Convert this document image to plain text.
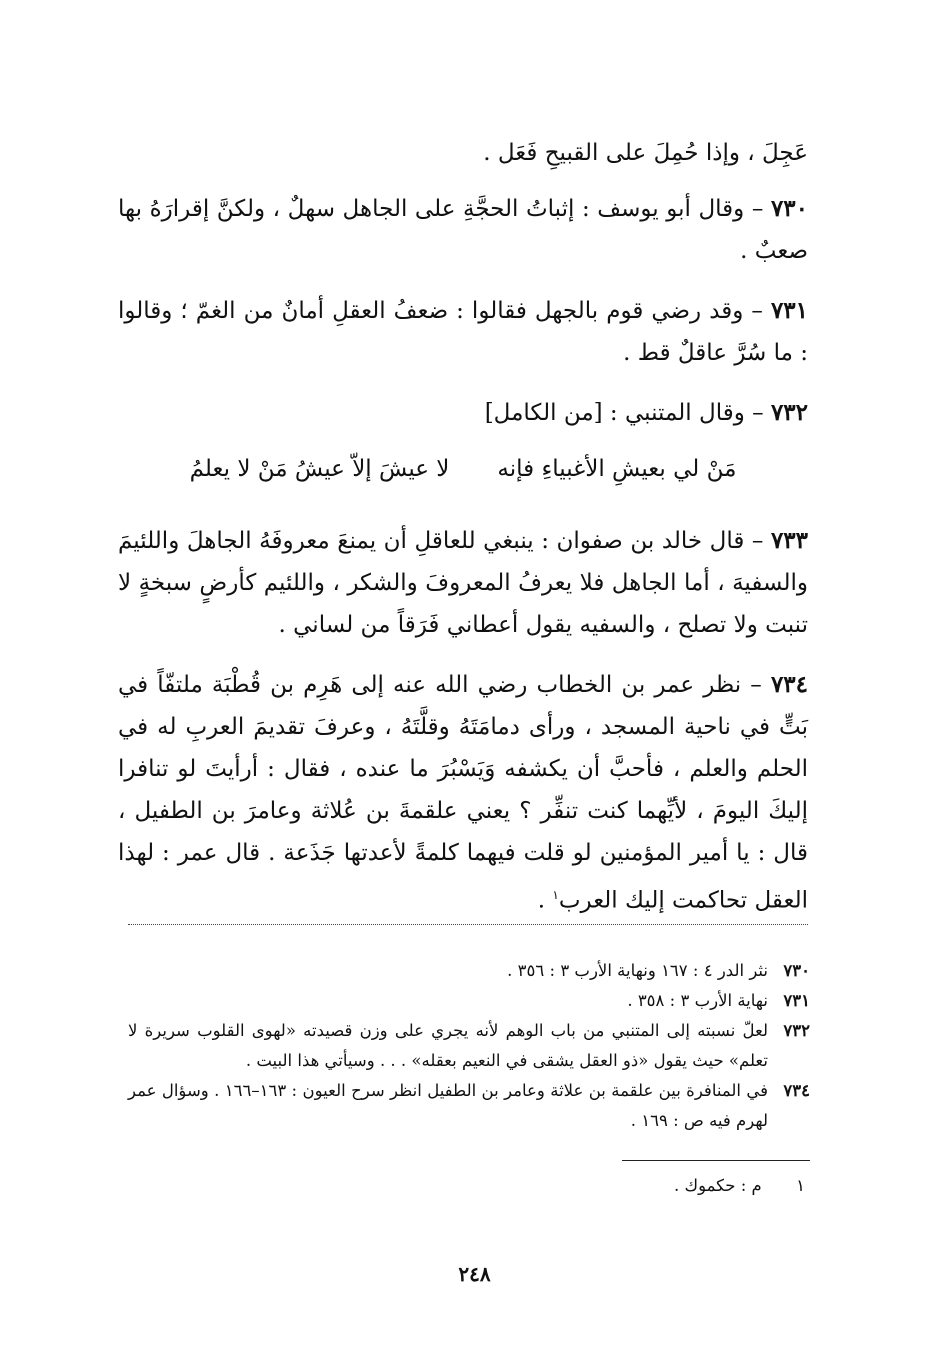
عَجِلَ ، وإذا حُمِلَ على القبيحِ فَعَل .

٧٣٠ – وقال أبو يوسف : إثباتُ الحجَّةِ على الجاهل سهلٌ ، ولكنَّ إقرارَهُ بها صعبٌ .

٧٣١ – وقد رضي قوم بالجهل فقالوا : ضعفُ العقلِ أمانٌ من الغمّ ؛ وقالوا : ما سُرَّ عاقلٌ قط .

٧٣٢ – وقال المتنبي : [من الكامل]

مَنْ لي بعيشِ الأغبياءِ فإنه
لا عيشَ إلاّ عيشُ مَنْ لا يعلمُ

٧٣٣ – قال خالد بن صفوان : ينبغي للعاقلِ أن يمنعَ معروفَهُ الجاهلَ واللئيمَ والسفيهَ ، أما الجاهل فلا يعرفُ المعروفَ والشكر ، واللئيم كأرضٍ سبخةٍ لا تنبت ولا تصلح ، والسفيه يقول أعطاني فَرَقاً من لساني .

٧٣٤ – نظر عمر بن الخطاب رضي الله عنه إلى هَرِم بن قُطْبَة ملتفّاً في بَتٍّ في ناحية المسجد ، ورأى دمامَتَهُ وقلَّتَهُ ، وعرفَ تقديمَ العربِ له في الحلم والعلم ، فأحبَّ أن يكشفه وَيَسْبُرَ ما عنده ، فقال : أرأيتَ لو تنافرا إليكَ اليومَ ، لأيِّهما كنت تنفِّر ؟ يعني علقمةَ بن عُلاثة وعامرَ بن الطفيل ، قال : يا أمير المؤمنين لو قلت فيهما كلمةً لأعدتها جَذَعة . قال عمر : لهذا العقل تحاكمت إليك العرب$^١$ .

٧٣٠
نثر الدر ٤ : ١٦٧ ونهاية الأرب ٣ : ٣٥٦ .

٧٣١
نهاية الأرب ٣ : ٣٥٨ .

٧٣٢
لعلّ نسبته إلى المتنبي من باب الوهم لأنه يجري على وزن قصيدته «لهوى القلوب سريرة لا تعلم» حيث يقول «ذو العقل يشقى في النعيم بعقله» . . . وسيأتي هذا البيت .

٧٣٤
في المنافرة بين علقمة بن علاثة وعامر بن الطفيل انظر سرح العيون : ١٦٣–١٦٦ . وسؤال عمر لهرم فيه ص : ١٦٩ .

١ م : حكموك .
٢٤٨
